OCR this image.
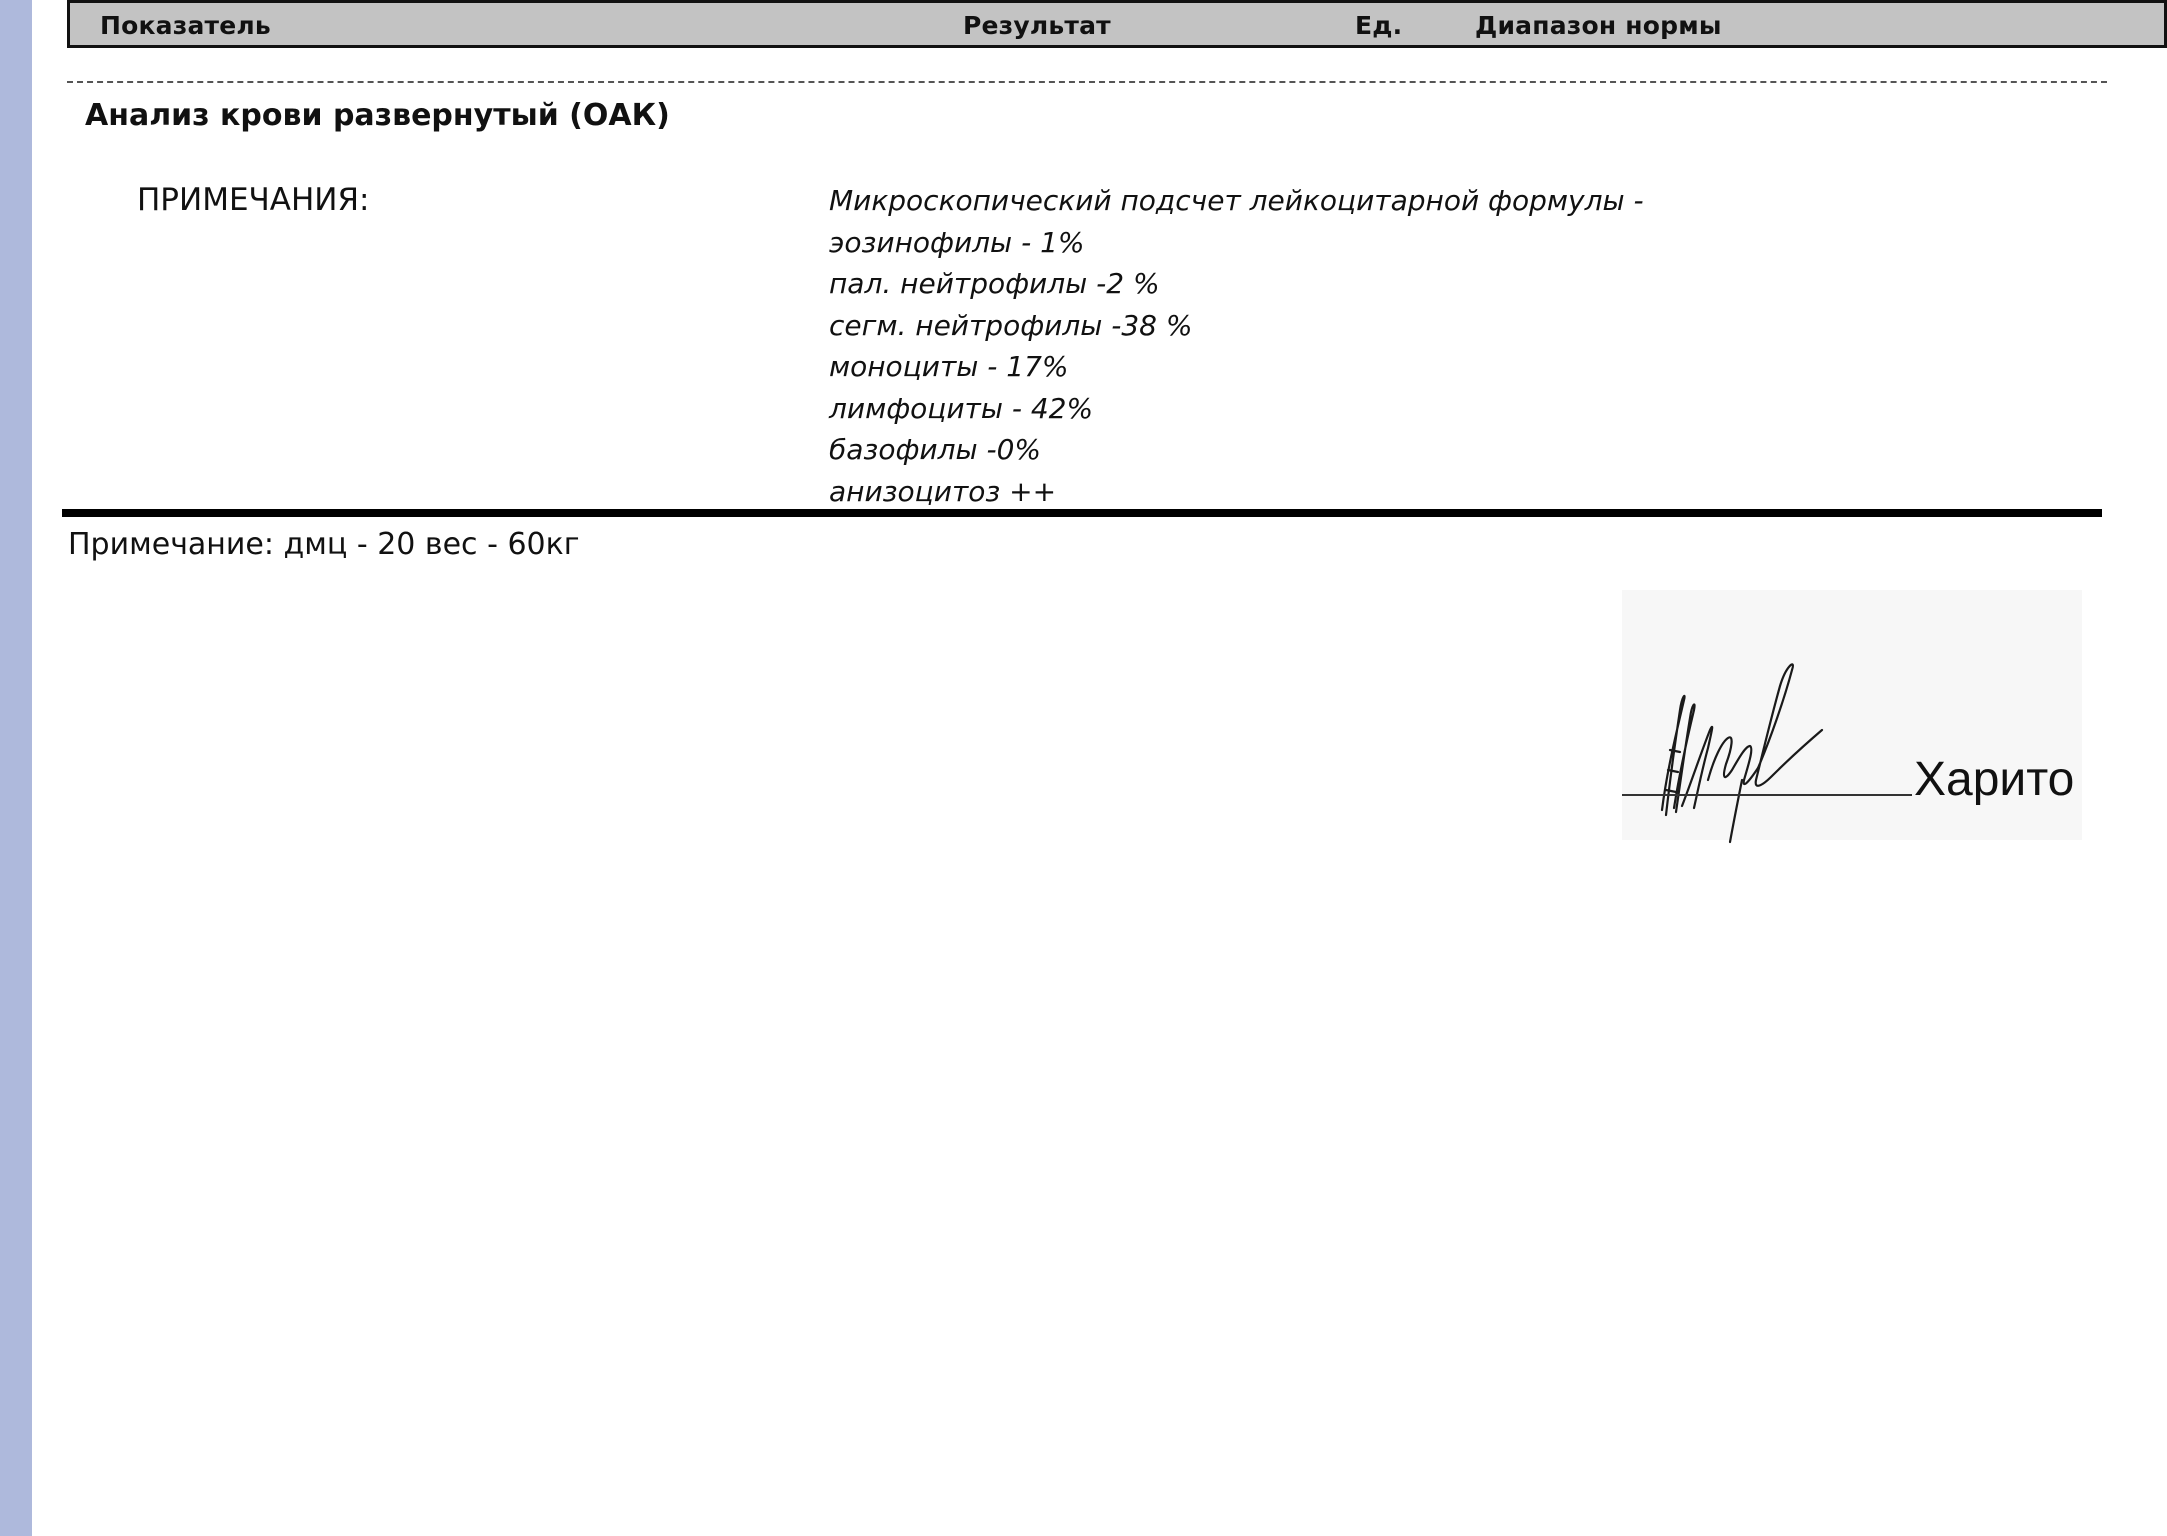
Показатель	Результат	Ед.	Диапазон нормы
Анализ крови развернутый (ОАК)
ПРИМЕЧАНИЯ:	Микроскопический подсчет лейкоцитарной формулы -
эозинофилы - 1%
пал. нейтрофилы -2 %
сегм. нейтрофилы -38 %
моноциты - 17%
лимфоциты - 42%
базофилы -0%
анизоцитоз ++
Примечание: дмц - 20 вес - 60кг
Харито
